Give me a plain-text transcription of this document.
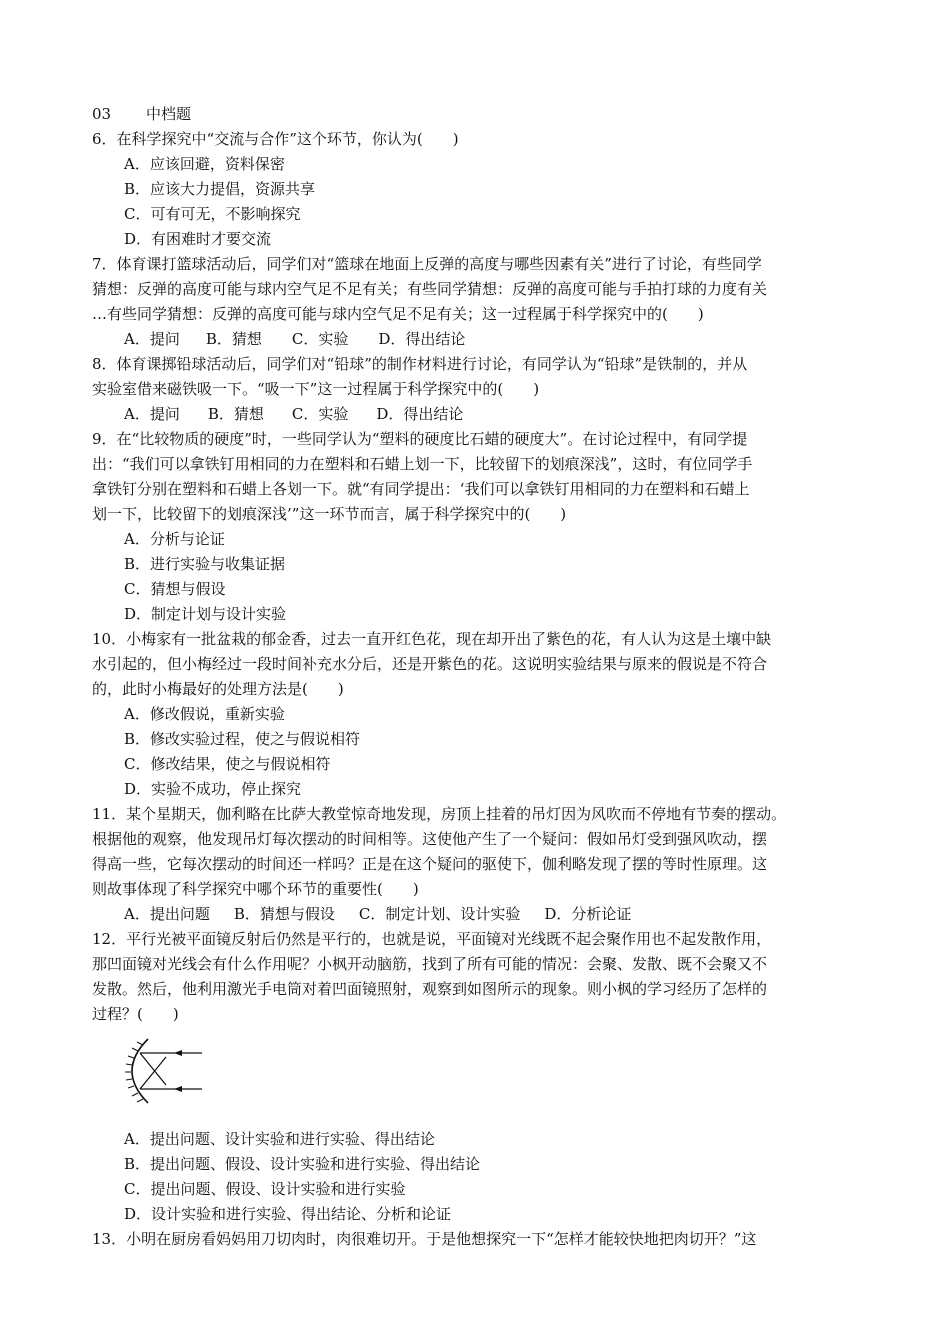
03 中档题
6．在科学探究中“交流与合作”这个环节，你认为(　　)
A．应该回避，资料保密
B．应该大力提倡，资源共享
C．可有可无，不影响探究
D．有困难时才要交流
7．体育课打篮球活动后，同学们对“篮球在地面上反弹的高度与哪些因素有关”进行了讨论，有些同学
猜想：反弹的高度可能与球内空气足不足有关；有些同学猜想：反弹的高度可能与手拍打球的力度有关
…有些同学猜想：反弹的高度可能与球内空气足不足有关；这一过程属于科学探究中的(　　)
A．提问 B．猜想 C．实验 D．得出结论
8．体育课掷铅球活动后，同学们对“铅球”的制作材料进行讨论，有同学认为“铅球”是铁制的，并从
实验室借来磁铁吸一下。“吸一下”这一过程属于科学探究中的(　　)
A．提问 B．猜想 C．实验 D．得出结论
9．在“比较物质的硬度”时，一些同学认为“塑料的硬度比石蜡的硬度大”。在讨论过程中，有同学提
出：“我们可以拿铁钉用相同的力在塑料和石蜡上划一下，比较留下的划痕深浅”，这时，有位同学手
拿铁钉分别在塑料和石蜡上各划一下。就“有同学提出：‘我们可以拿铁钉用相同的力在塑料和石蜡上
划一下，比较留下的划痕深浅’”这一环节而言，属于科学探究中的(　　)
A．分析与论证
B．进行实验与收集证据
C．猜想与假设
D．制定计划与设计实验
10．小梅家有一批盆栽的郁金香，过去一直开红色花，现在却开出了紫色的花，有人认为这是土壤中缺
水引起的，但小梅经过一段时间补充水分后，还是开紫色的花。这说明实验结果与原来的假说是不符合
的，此时小梅最好的处理方法是(　　)
A．修改假说，重新实验
B．修改实验过程，使之与假说相符
C．修改结果，使之与假说相符
D．实验不成功，停止探究
11．某个星期天，伽利略在比萨大教堂惊奇地发现，房顶上挂着的吊灯因为风吹而不停地有节奏的摆动。
根据他的观察，他发现吊灯每次摆动的时间相等。这使他产生了一个疑问：假如吊灯受到强风吹动，摆
得高一些，它每次摆动的时间还一样吗？正是在这个疑问的驱使下，伽利略发现了摆的等时性原理。这
则故事体现了科学探究中哪个环节的重要性(　　)
A．提出问题 B．猜想与假设 C．制定计划、设计实验 D．分析论证
12．平行光被平面镜反射后仍然是平行的，也就是说，平面镜对光线既不起会聚作用也不起发散作用，
那凹面镜对光线会有什么作用呢？小枫开动脑筋，找到了所有可能的情况：会聚、发散、既不会聚又不
发散。然后，他利用激光手电筒对着凹面镜照射，观察到如图所示的现象。则小枫的学习经历了怎样的
过程？(　　)
A．提出问题、设计实验和进行实验、得出结论
B．提出问题、假设、设计实验和进行实验、得出结论
C．提出问题、假设、设计实验和进行实验
D．设计实验和进行实验、得出结论、分析和论证
13．小明在厨房看妈妈用刀切肉时，肉很难切开。于是他想探究一下“怎样才能较快地把肉切开？”这
